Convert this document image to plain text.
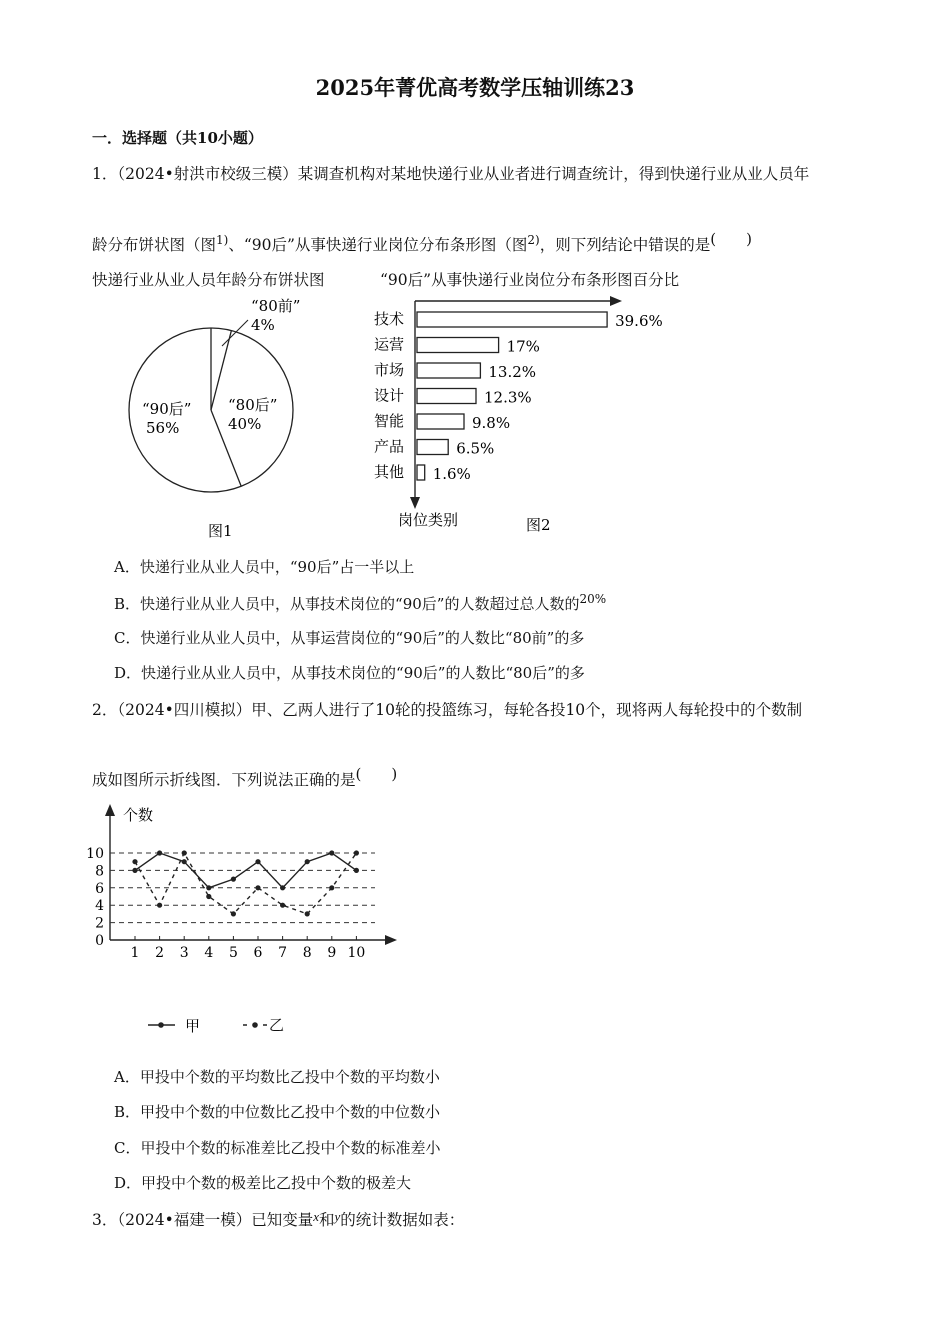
2025年菁优高考数学压轴训练23
一．选择题（共10小题）
1．（2024•射洪市校级三模）某调查机构对某地快递行业从业者进行调查统计，得到快递行业从业人员年
龄分布饼状图（图$^{1)}$、“90后”从事快递行业岗位分布条形图（图$^{2)}$，则下列结论中错误的是(　　)
快递行业从业人员年龄分布饼状图	“90后”从事快递行业岗位分布条形图百分比
“80前”
4%
“80后”
40%
“90后”
56%
图1
技术	39.6%
运营	17%
市场	13.2%
设计	12.3%
智能	9.8%
产品	6.5%
其他 1.6%
岗位类别	图2
A．快递行业从业人员中，“90后”占一半以上
B．快递行业从业人员中，从事技术岗位的“90后”的人数超过总人数的$^{20\%}$
C．快递行业从业人员中，从事运营岗位的“90后”的人数比“80前”的多
D．快递行业从业人员中，从事技术岗位的“90后”的人数比“80后”的多
2．（2024•四川模拟）甲、乙两人进行了10轮的投篮练习，每轮各投10个，现将两人每轮投中的个数制
成如图所示折线图．下列说法正确的是(　　)
个数
0
2
4
6
8
10
1 2 3 4 5 6 7 8 9 10
甲	乙
A．甲投中个数的平均数比乙投中个数的平均数小
B．甲投中个数的中位数比乙投中个数的中位数小
C．甲投中个数的标准差比乙投中个数的标准差小
D．甲投中个数的极差比乙投中个数的极差大
3．（2024•福建一模）已知变量$^x$和$^y$的统计数据如表：
